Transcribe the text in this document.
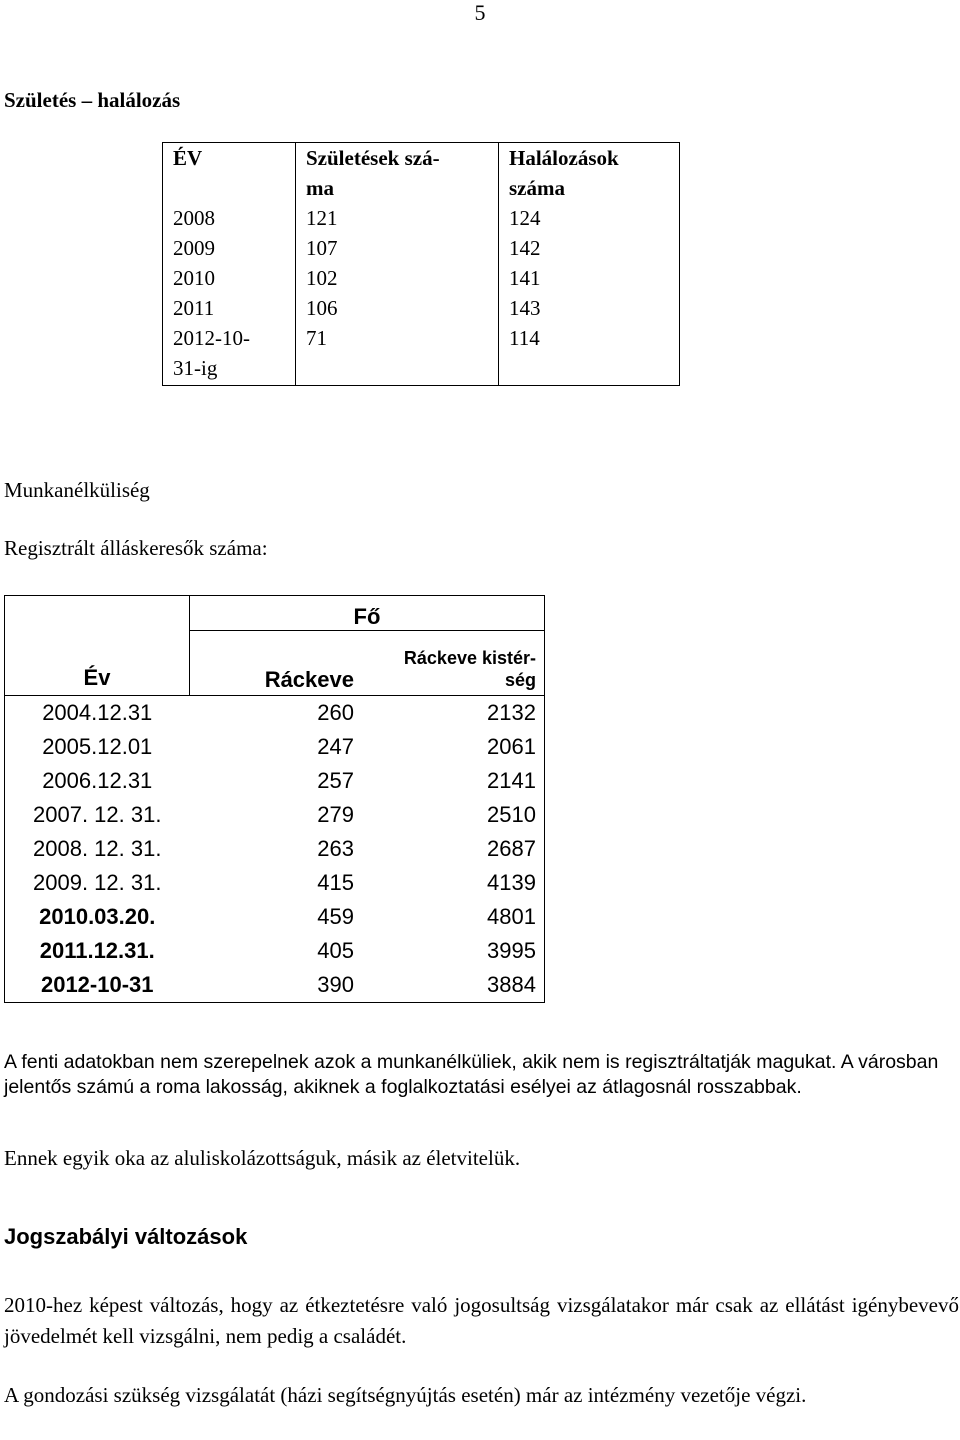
5
Születés – halálozás
ÉV	Születések szá-
ma	Halálozások
száma
2008	121	124
2009	107	142
2010	102	141
2011	106	143
2012-10-
31-ig	71	114
Munkanélküliség
Regisztrált álláskeresők száma:
Év	Fő	
	Ráckeve	Ráckeve kistér-
ség
2004.12.31	260	2132
2005.12.01	247	2061
2006.12.31	257	2141
2007. 12. 31.	279	2510
2008. 12. 31.	263	2687
2009. 12. 31.	415	4139
2010.03.20.	459	4801
2011.12.31.	405	3995
2012-10-31	390	3884
A fenti adatokban nem szerepelnek azok a munkanélküliek, akik nem is regisztráltatják magukat. A városban jelentős számú a roma lakosság, akiknek a foglalkoztatási esélyei az átlagosnál rosszabbak.
Ennek egyik oka az aluliskolázottságuk, másik az életvitelük.
Jogszabályi változások
2010-hez képest változás, hogy az étkeztetésre való jogosultság vizsgálatakor már csak az ellátást igénybevevő jövedelmét kell vizsgálni, nem pedig a családét.
A gondozási szükség vizsgálatát (házi segítségnyújtás esetén) már az intézmény vezetője végzi.
